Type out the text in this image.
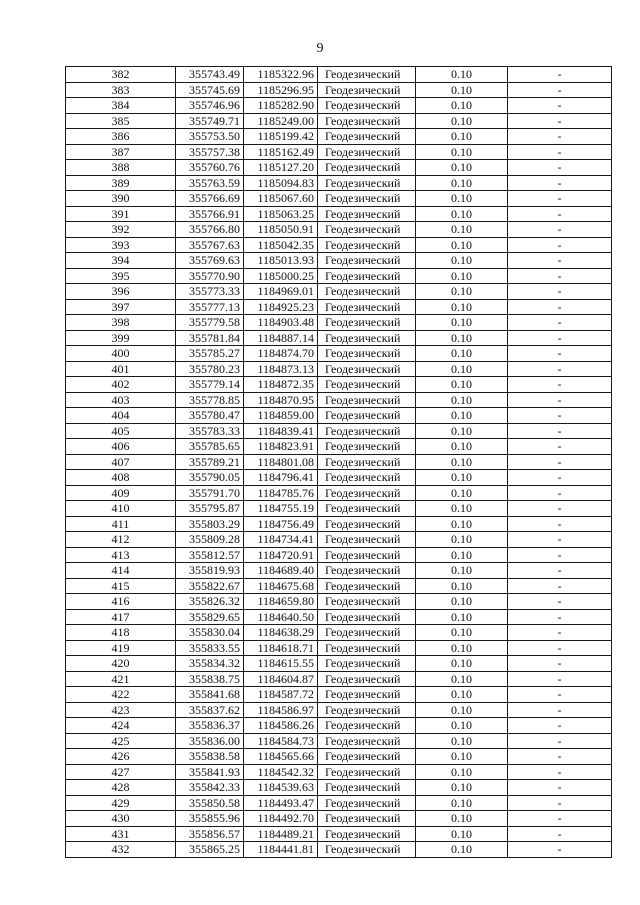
9
382	355743.49	1185322.96	Геодезический	0.10	-
383	355745.69	1185296.95	Геодезический	0.10	-
384	355746.96	1185282.90	Геодезический	0.10	-
385	355749.71	1185249.00	Геодезический	0.10	-
386	355753.50	1185199.42	Геодезический	0.10	-
387	355757.38	1185162.49	Геодезический	0.10	-
388	355760.76	1185127.20	Геодезический	0.10	-
389	355763.59	1185094.83	Геодезический	0.10	-
390	355766.69	1185067.60	Геодезический	0.10	-
391	355766.91	1185063.25	Геодезический	0.10	-
392	355766.80	1185050.91	Геодезический	0.10	-
393	355767.63	1185042.35	Геодезический	0.10	-
394	355769.63	1185013.93	Геодезический	0.10	-
395	355770.90	1185000.25	Геодезический	0.10	-
396	355773.33	1184969.01	Геодезический	0.10	-
397	355777.13	1184925.23	Геодезический	0.10	-
398	355779.58	1184903.48	Геодезический	0.10	-
399	355781.84	1184887.14	Геодезический	0.10	-
400	355785.27	1184874.70	Геодезический	0.10	-
401	355780.23	1184873.13	Геодезический	0.10	-
402	355779.14	1184872.35	Геодезический	0.10	-
403	355778.85	1184870.95	Геодезический	0.10	-
404	355780.47	1184859.00	Геодезический	0.10	-
405	355783.33	1184839.41	Геодезический	0.10	-
406	355785.65	1184823.91	Геодезический	0.10	-
407	355789.21	1184801.08	Геодезический	0.10	-
408	355790.05	1184796.41	Геодезический	0.10	-
409	355791.70	1184785.76	Геодезический	0.10	-
410	355795.87	1184755.19	Геодезический	0.10	-
411	355803.29	1184756.49	Геодезический	0.10	-
412	355809.28	1184734.41	Геодезический	0.10	-
413	355812.57	1184720.91	Геодезический	0.10	-
414	355819.93	1184689.40	Геодезический	0.10	-
415	355822.67	1184675.68	Геодезический	0.10	-
416	355826.32	1184659.80	Геодезический	0.10	-
417	355829.65	1184640.50	Геодезический	0.10	-
418	355830.04	1184638.29	Геодезический	0.10	-
419	355833.55	1184618.71	Геодезический	0.10	-
420	355834.32	1184615.55	Геодезический	0.10	-
421	355838.75	1184604.87	Геодезический	0.10	-
422	355841.68	1184587.72	Геодезический	0.10	-
423	355837.62	1184586.97	Геодезический	0.10	-
424	355836.37	1184586.26	Геодезический	0.10	-
425	355836.00	1184584.73	Геодезический	0.10	-
426	355838.58	1184565.66	Геодезический	0.10	-
427	355841.93	1184542.32	Геодезический	0.10	-
428	355842.33	1184539.63	Геодезический	0.10	-
429	355850.58	1184493.47	Геодезический	0.10	-
430	355855.96	1184492.70	Геодезический	0.10	-
431	355856.57	1184489.21	Геодезический	0.10	-
432	355865.25	1184441.81	Геодезический	0.10	-
